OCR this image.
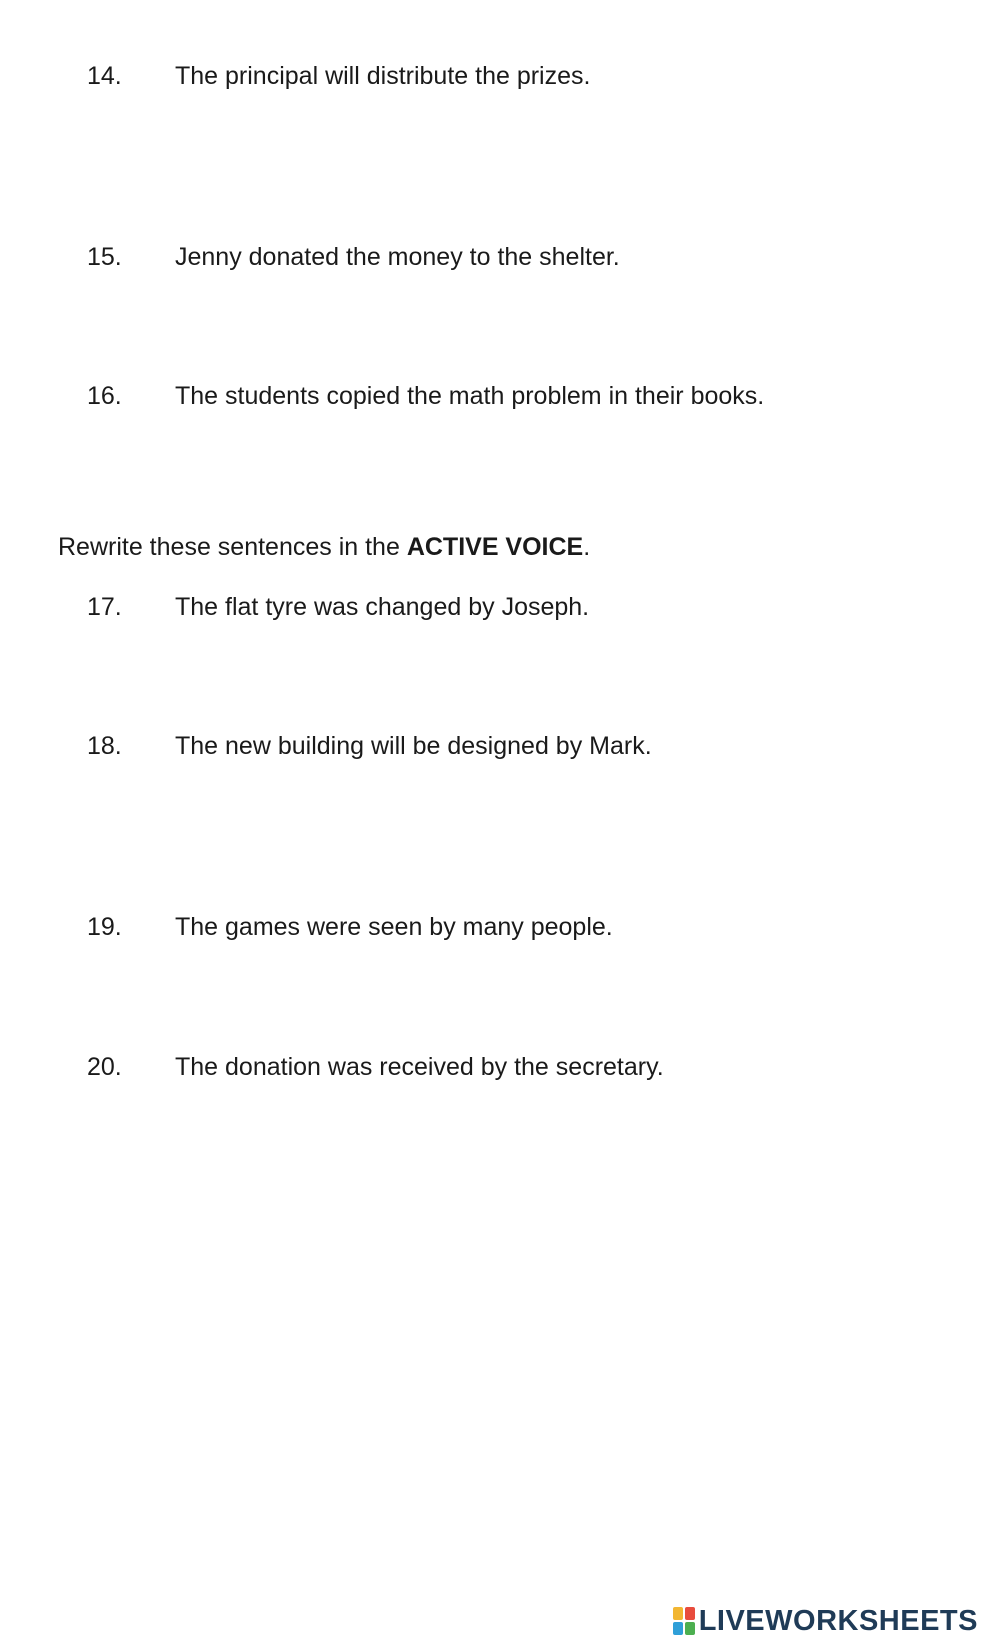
14. The principal will distribute the prizes.
15. Jenny donated the money to the shelter.
16. The students copied the math problem in their books.
Rewrite these sentences in the ACTIVE VOICE.
17. The flat tyre was changed by Joseph.
18. The new building will be designed by Mark.
19. The games were seen by many people.
20. The donation was received by the secretary.
LIVEWORKSHEETS
